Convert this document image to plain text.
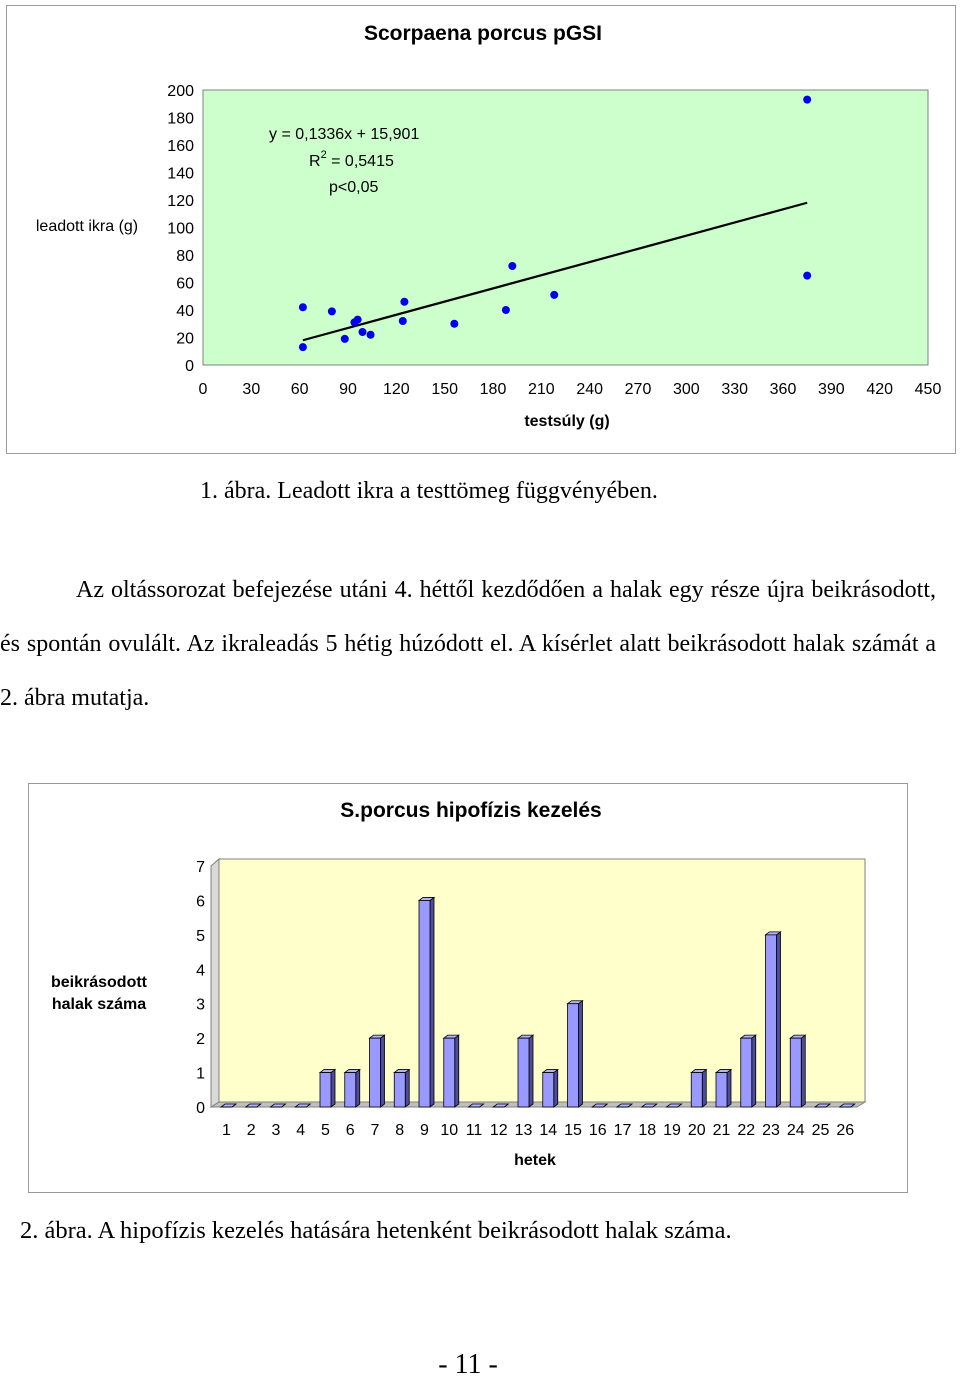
Scorpaena porcus pGSI
0
20
40
60
80
100
120
140
160
180
200
0 30 60 90 120 150 180 210 240 270 300 330 360 390 420 450
leadott ikra (g)
testsúly (g)
y = 0,1336x + 15,901
$R^2 = 0,5415$
p<0,05
1. ábra. Leadott ikra a testtömeg függvényében.
Az oltássorozat befejezése utáni 4. héttől kezdődően a halak egy része újra beikrásodott, és spontán ovulált. Az ikraleadás 5 hétig húzódott el. A kísérlet alatt beikrásodott halak számát a 2. ábra mutatja.
S.porcus hipofízis kezelés
0
1
2
3
4
5
6
7
1 2 3 4 5 6 7 8 9 10 11 12 13 14 15 16 17 18 19 20 21 22 23 24 25 26
beikrásodott
halak száma
hetek
2. ábra. A hipofízis kezelés hatására hetenként beikrásodott halak száma.
- 11 -
